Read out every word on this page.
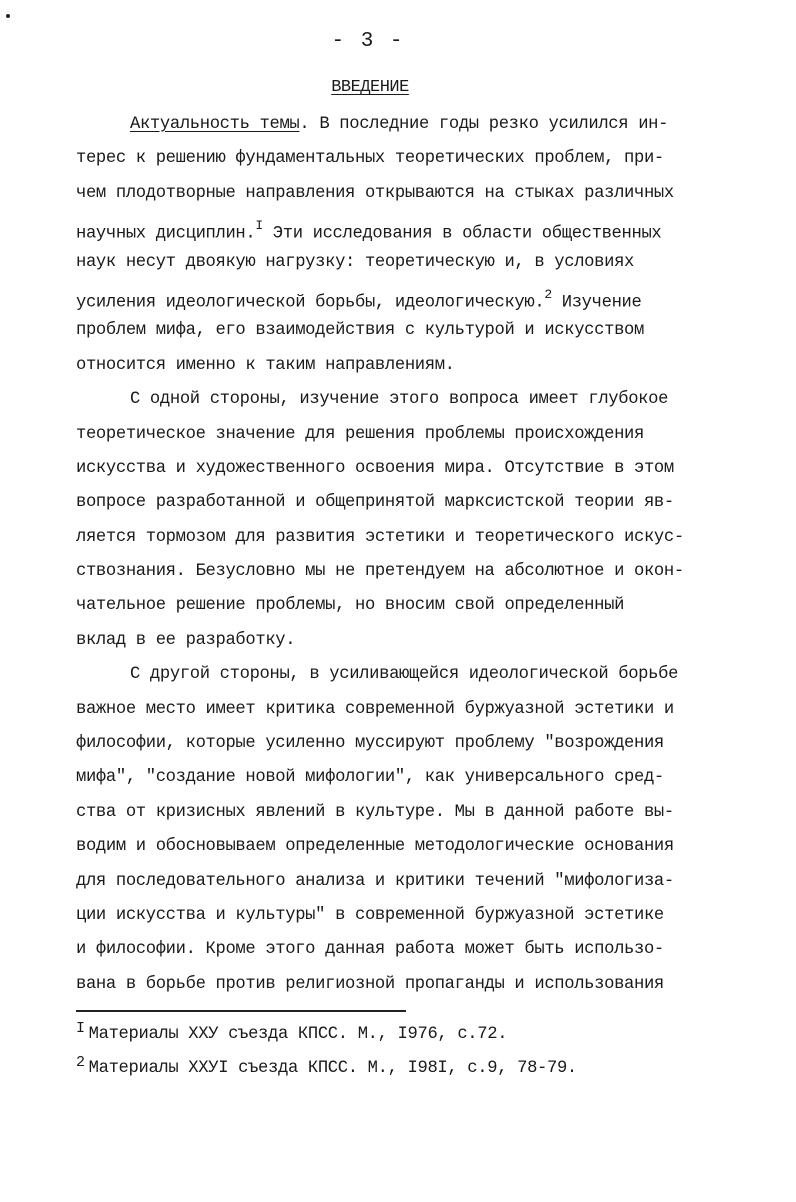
- 3 -
ВВЕДЕНИЕ
Актуальность темы. В последние годы резко усилился ин-
терес к решению фундаментальных теоретических проблем, при-
чем плодотворные направления открываются на стыках различных
научных дисциплин.$^I$ Эти исследования в области общественных
наук несут двоякую нагрузку: теоретическую и, в условиях
усиления идеологической борьбы, идеологическую.$^2$ Изучение
проблем мифа, его взаимодействия с культурой и искусством
относится именно к таким направлениям.
С одной стороны, изучение этого вопроса имеет глубокое
теоретическое значение для решения проблемы происхождения
искусства и художественного освоения мира. Отсутствие в этом
вопросе разработанной и общепринятой марксистской теории яв-
ляется тормозом для развития эстетики и теоретического искус-
ствознания. Безусловно мы не претендуем на абсолютное и окон-
чательное решение проблемы, но вносим свой определенный
вклад в ее разработку.
С другой стороны, в усиливающейся идеологической борьбе
важное место имеет критика современной буржуазной эстетики и
философии, которые усиленно муссируют проблему "возрождения
мифа", "создание новой мифологии", как универсального сред-
ства от кризисных явлений в культуре. Мы в данной работе вы-
водим и обосновываем определенные методологические основания
для последовательного анализа и критики течений "мифологиза-
ции искусства и культуры" в современной буржуазной эстетике
и философии. Кроме этого данная работа может быть использо-
вана в борьбе против религиозной пропаганды и использования
I Материалы ХХУ съезда КПСС. М., I976, с.72.
2 Материалы ХХУI съезда КПСС. М., I98I, с.9, 78-79.
